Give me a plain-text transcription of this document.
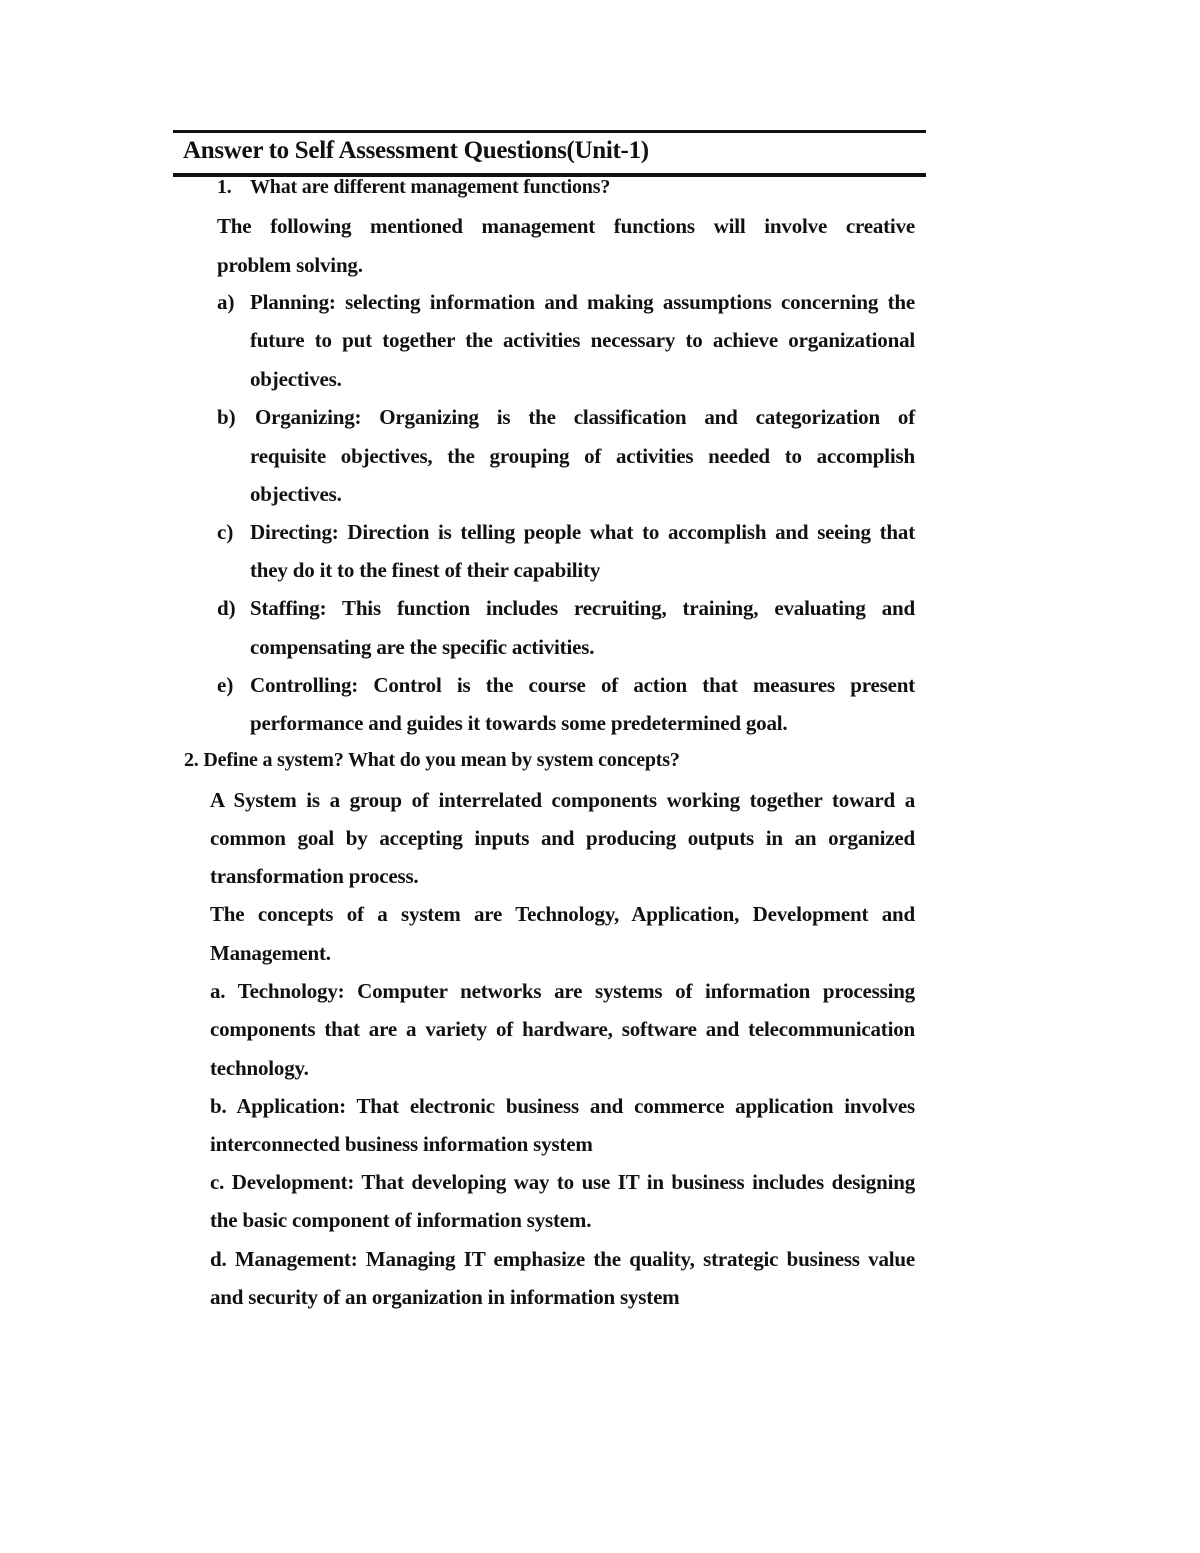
Answer to Self Assessment Questions(Unit-1)
1. What are different management functions?
The following mentioned management functions will involve creative
problem solving.
a) Planning: selecting information and making assumptions concerning the
future to put together the activities necessary to achieve organizational
objectives.
b) Organizing: Organizing is the classification and categorization of
requisite objectives, the grouping of activities needed to accomplish
objectives.
c) Directing: Direction is telling people what to accomplish and seeing that
they do it to the finest of their capability
d) Staffing: This function includes recruiting, training, evaluating and
compensating are the specific activities.
e) Controlling: Control is the course of action that measures present
performance and guides it towards some predetermined goal.
2. Define a system? What do you mean by system concepts?
A System is a group of interrelated components working together toward a
common goal by accepting inputs and producing outputs in an organized
transformation process.
The concepts of a system are Technology, Application, Development and
Management.
a. Technology: Computer networks are systems of information processing
components that are a variety of hardware, software and telecommunication
technology.
b. Application: That electronic business and commerce application involves
interconnected business information system
c. Development: That developing way to use IT in business includes designing
the basic component of information system.
d. Management: Managing IT emphasize the quality, strategic business value
and security of an organization in information system
